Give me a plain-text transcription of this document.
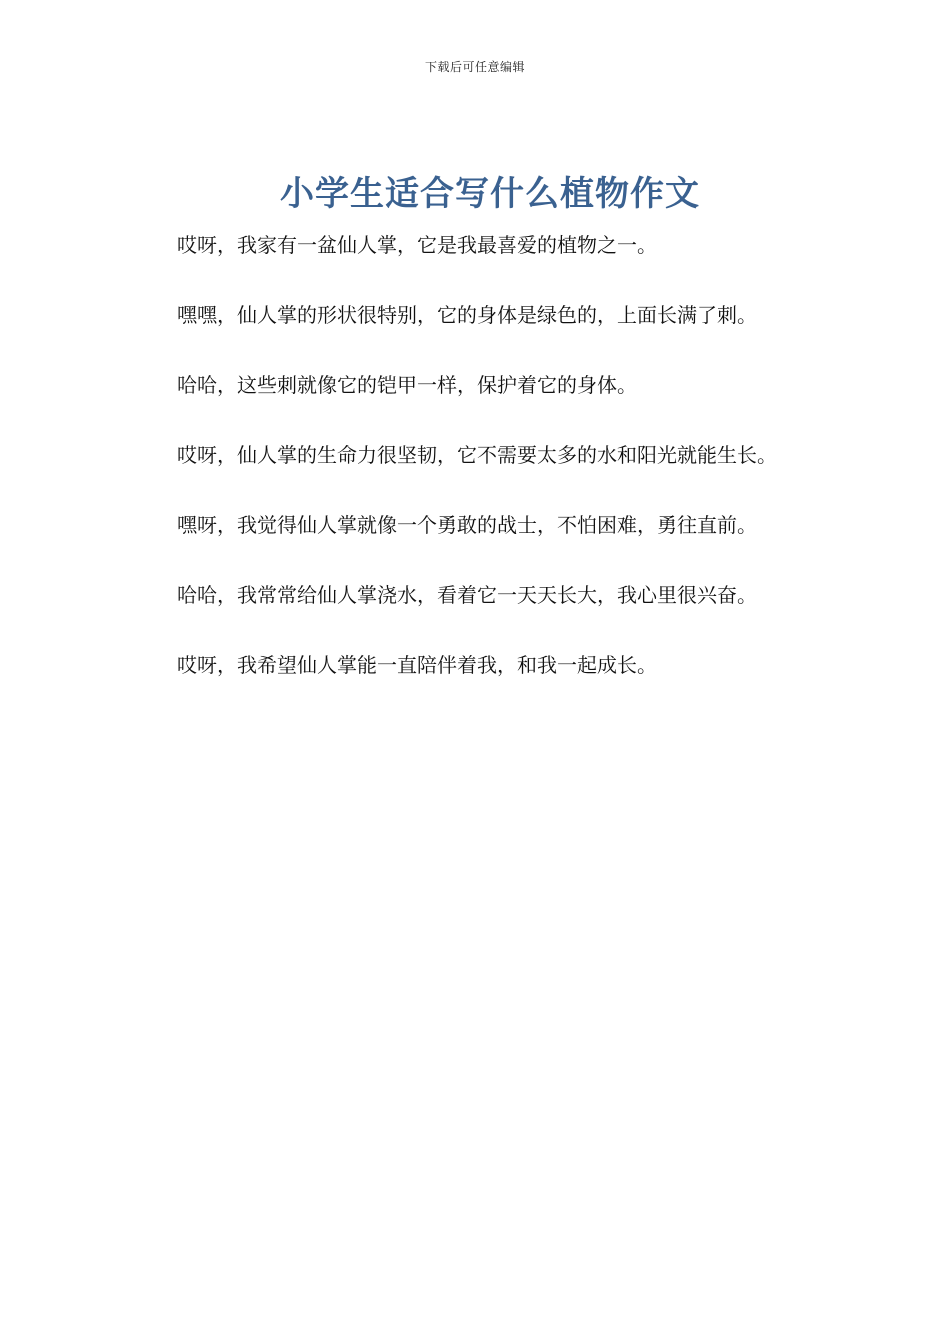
下载后可任意编辑
小学生适合写什么植物作文

哎呀，我家有一盆仙人掌，它是我最喜爱的植物之一。

嘿嘿，仙人掌的形状很特别，它的身体是绿色的，上面长满了刺。

哈哈，这些刺就像它的铠甲一样，保护着它的身体。

哎呀，仙人掌的生命力很坚韧，它不需要太多的水和阳光就能生长。

嘿呀，我觉得仙人掌就像一个勇敢的战士，不怕困难，勇往直前。

哈哈，我常常给仙人掌浇水，看着它一天天长大，我心里很兴奋。

哎呀，我希望仙人掌能一直陪伴着我，和我一起成长。
